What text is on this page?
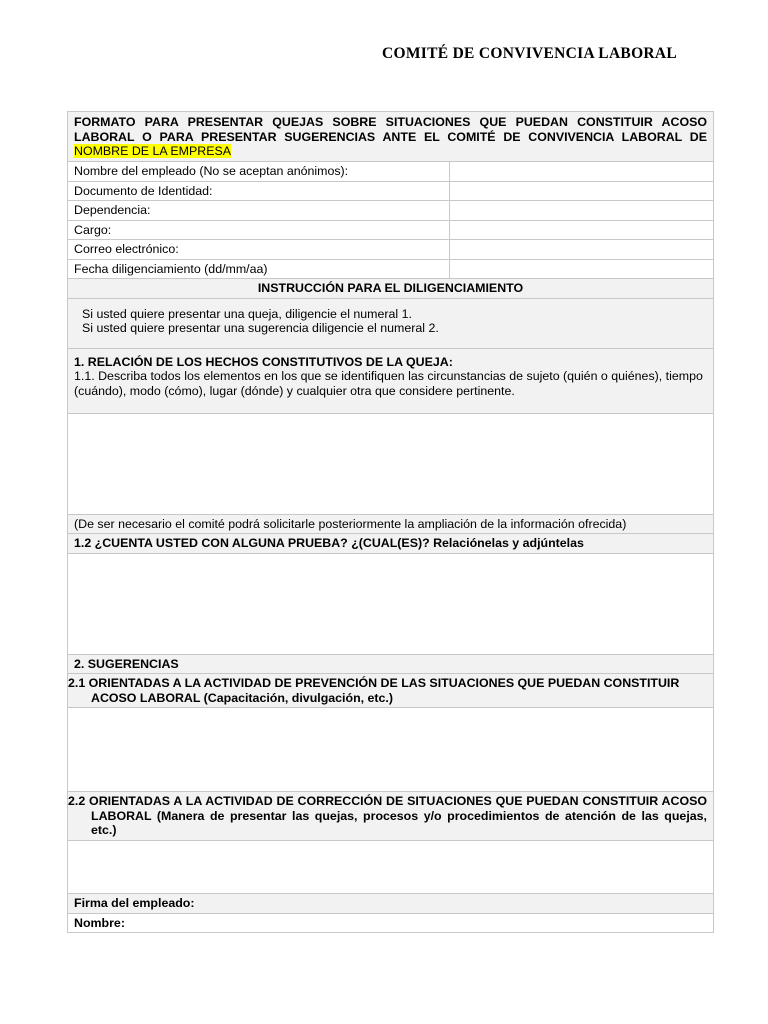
COMITÉ DE CONVIVENCIA LABORAL
FORMATO PARA PRESENTAR QUEJAS SOBRE SITUACIONES QUE PUEDAN CONSTITUIR ACOSO LABORAL O PARA PRESENTAR SUGERENCIAS ANTE EL COMITÉ DE CONVIVENCIA LABORAL DE NOMBRE DE LA EMPRESA	
Nombre del empleado (No se aceptan anónimos):	
Documento de Identidad:	
Dependencia:	
Cargo:	
Correo electrónico:	
Fecha diligenciamiento (dd/mm/aa)	
INSTRUCCIÓN PARA EL DILIGENCIAMIENTO	

Si usted quiere presentar una queja, diligencie el numeral 1.
Si usted quiere presentar una sugerencia diligencie el numeral 2.	

1. RELACIÓN DE LOS HECHOS CONSTITUTIVOS DE LA QUEJA:
1.1. Describa todos los elementos en los que se identifiquen las circunstancias de sujeto (quién o quiénes), tiempo (cuándo), modo (cómo), lugar (dónde) y cualquier otra que considere pertinente.	

(De ser necesario el comité podrá solicitarle posteriormente la ampliación de la información ofrecida)	
1.2 ¿CUENTA USTED CON ALGUNA PRUEBA? ¿(CUAL(ES)? Relaciónelas y adjúntelas	

2. SUGERENCIAS	
2.1 ORIENTADAS A LA ACTIVIDAD DE PREVENCIÓN DE LAS SITUACIONES QUE PUEDAN CONSTITUIR ACOSO LABORAL (Capacitación, divulgación, etc.)	

2.2 ORIENTADAS A LA ACTIVIDAD DE CORRECCIÓN DE SITUACIONES QUE PUEDAN CONSTITUIR ACOSO LABORAL (Manera de presentar las quejas, procesos y/o procedimientos de atención de las quejas, etc.)	

Firma del empleado:	
Nombre:	
